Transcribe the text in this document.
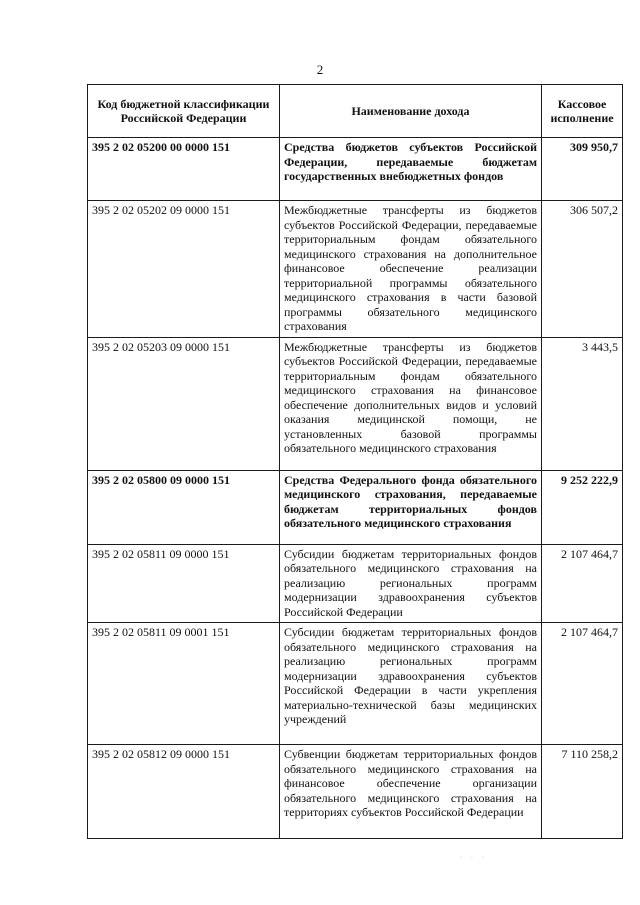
2
Код бюджетной классификации Российской Федерации	Наименование дохода	Кассовое исполнение
395 2 02 05200 00 0000 151	Средства бюджетов субъектов Российской Федерации, передаваемые бюджетам государственных внебюджетных фондов	309 950,7
395 2 02 05202 09 0000 151	Межбюджетные трансферты из бюджетов субъектов Российской Федерации, передаваемые территориальным фондам обязательного медицинского страхования на дополнительное финансовое обеспечение реализации территориальной программы обязательного медицинского страхования в части базовой программы обязательного медицинского страхования	306 507,2
395 2 02 05203 09 0000 151	Межбюджетные трансферты из бюджетов субъектов Российской Федерации, передаваемые территориальным фондам обязательного медицинского страхования на финансовое обеспечение дополнительных видов и условий оказания медицинской помощи, не установленных базовой программы обязательного медицинского страхования	3 443,5
395 2 02 05800 09 0000 151	Средства Федерального фонда обязательного медицинского страхования, передаваемые бюджетам территориальных фондов обязательного медицинского страхования	9 252 222,9
395 2 02 05811 09 0000 151	Субсидии бюджетам территориальных фондов обязательного медицинского страхования на реализацию региональных программ модернизации здравоохранения субъектов Российской Федерации	2 107 464,7
395 2 02 05811 09 0001 151	Субсидии бюджетам территориальных фондов обязательного медицинского страхования на реализацию региональных программ модернизации здравоохранения субъектов Российской Федерации в части укрепления материально-технической базы медицинских учреждений	2 107 464,7
395 2 02 05812 09 0000 151	Субвенции бюджетам территориальных фондов обязательного медицинского страхования на финансовое обеспечение организации обязательного медицинского страхования на территориях субъектов Российской Федерации	7 110 258,2
· · ·
